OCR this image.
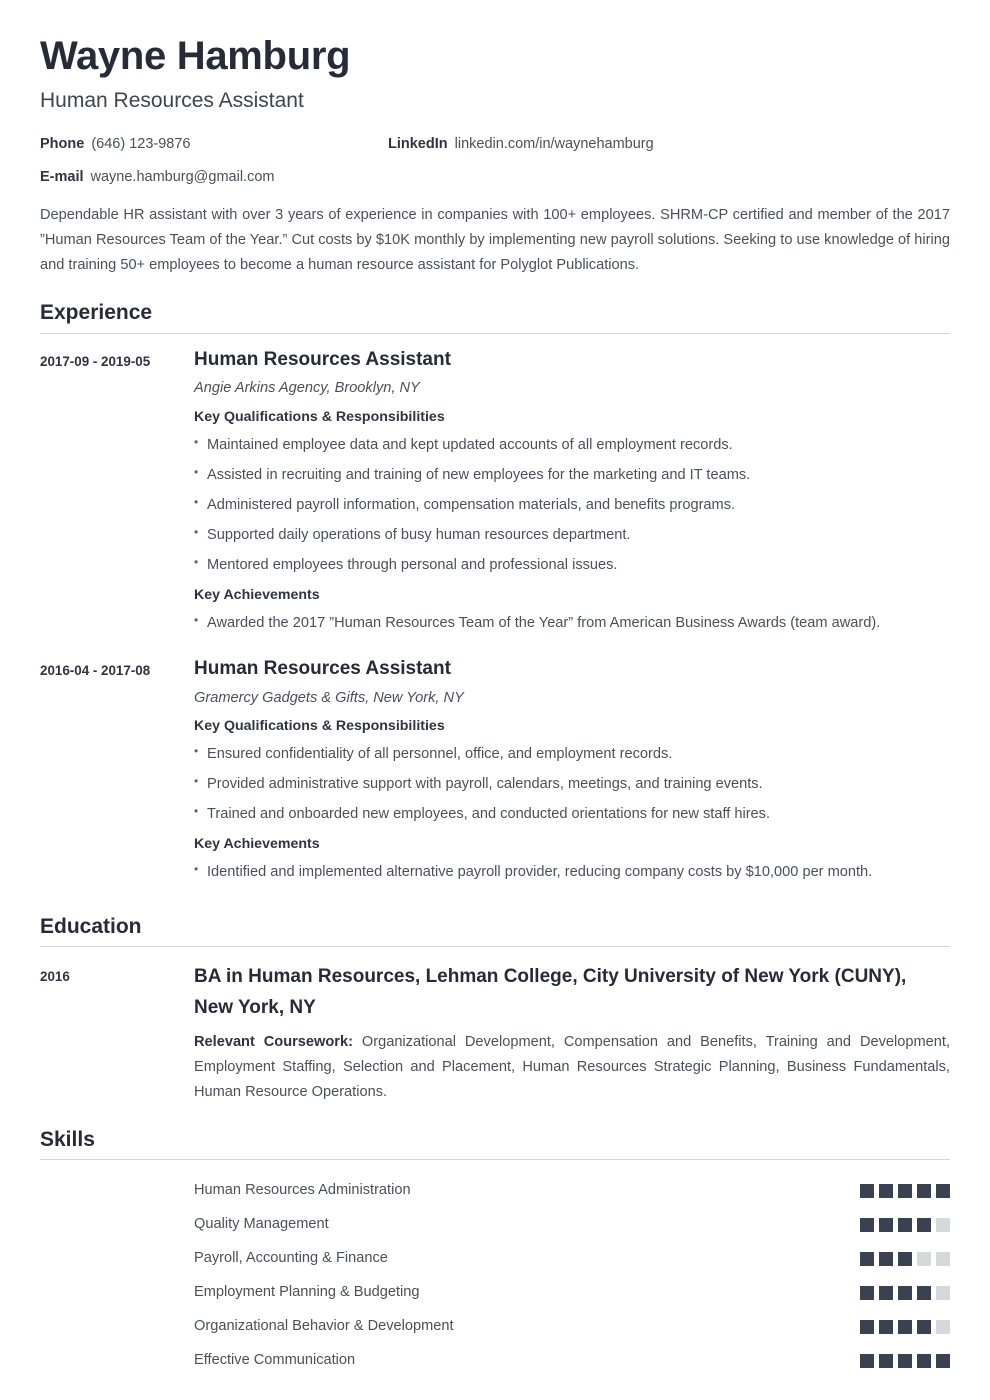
Wayne Hamburg
Human Resources Assistant
Phone (646) 123-9876	LinkedIn linkedin.com/in/waynehamburg
E-mail wayne.hamburg@gmail.com

Dependable HR assistant with over 3 years of experience in companies with 100+ employees. SHRM-CP certified and member of the 2017 ”Human Resources Team of the Year.” Cut costs by $10K monthly by implementing new payroll solutions. Seeking to use knowledge of hiring and training 50+ employees to become a human resource assistant for Polyglot Publications.

Experience
2017-09 - 2019-05	Human Resources Assistant
Angie Arkins Agency, Brooklyn, NY
Key Qualifications & Responsibilities
• Maintained employee data and kept updated accounts of all employment records.
• Assisted in recruiting and training of new employees for the marketing and IT teams.
• Administered payroll information, compensation materials, and benefits programs.
• Supported daily operations of busy human resources department.
• Mentored employees through personal and professional issues.
Key Achievements
• Awarded the 2017 ”Human Resources Team of the Year” from American Business Awards (team award).
2016-04 - 2017-08	Human Resources Assistant
Gramercy Gadgets & Gifts, New York, NY
Key Qualifications & Responsibilities
• Ensured confidentiality of all personnel, office, and employment records.
• Provided administrative support with payroll, calendars, meetings, and training events.
• Trained and onboarded new employees, and conducted orientations for new staff hires.
Key Achievements
• Identified and implemented alternative payroll provider, reducing company costs by $10,000 per month.
Education
2016	BA in Human Resources, Lehman College, City University of New York (CUNY), New York, NY
Relevant Coursework: Organizational Development, Compensation and Benefits, Training and Development, Employment Staffing, Selection and Placement, Human Resources Strategic Planning, Business Fundamentals, Human Resource Operations.
Skills
Human Resources Administration
Quality Management
Payroll, Accounting & Finance
Employment Planning & Budgeting
Organizational Behavior & Development
Effective Communication
